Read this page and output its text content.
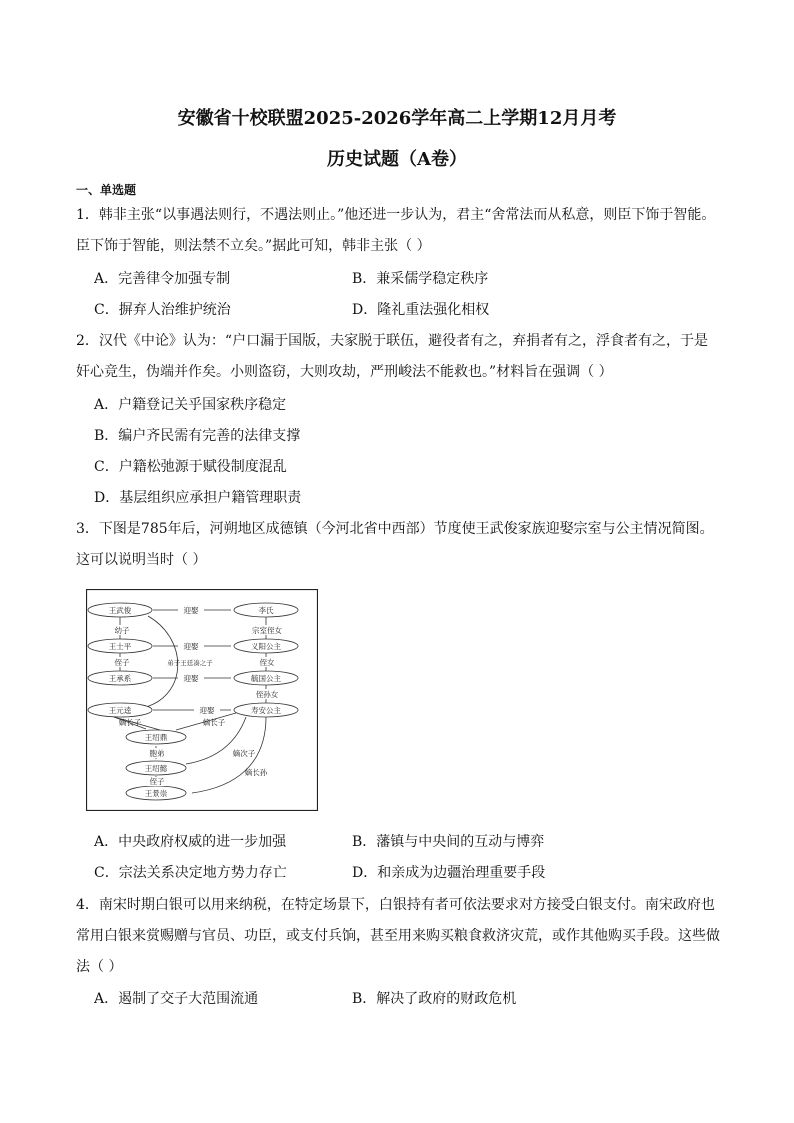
安徽省十校联盟2025-2026学年高二上学期12月月考
历史试题（A卷）
一、单选题
1．韩非主张“以事遇法则行，不遇法则止。”他还进一步认为，君主“舍常法而从私意，则臣下饰于智能。臣下饰于智能，则法禁不立矣。”据此可知，韩非主张（ ）
A．完善律令加强专制	B．兼采儒学稳定秩序
C．摒弃人治维护统治	D．隆礼重法强化相权
2．汉代《中论》认为：“户口漏于国版，夫家脱于联伍，避役者有之，弃捐者有之，浮食者有之，于是奸心竞生，伪端并作矣。小则盗窃，大则攻劫，严刑峻法不能救也。”材料旨在强调（ ）
A．户籍登记关乎国家秩序稳定
B．编户齐民需有完善的法律支撑
C．户籍松弛源于赋役制度混乱
D．基层组织应承担户籍管理职责
3．下图是785年后，河朔地区成德镇（今河北省中西部）节度使王武俊家族迎娶宗室与公主情况简图。这可以说明当时（ ）
王武俊
王士平
王承系
王元逵
王绍鼎
王绍懿
王景崇
李氏
义阳公主
毓国公主
寿安公主
迎娶
迎娶
迎娶
迎娶
幼子
侄子
宗室侄女
侄女
侄孙女
嫡长子	嫡长子
胞弟
侄子
嫡次子
嫡长孙
弟子王廷凑之子
A．中央政府权威的进一步加强	B．藩镇与中央间的互动与博弈
C．宗法关系决定地方势力存亡	D．和亲成为边疆治理重要手段
4．南宋时期白银可以用来纳税，在特定场景下，白银持有者可依法要求对方接受白银支付。南宋政府也常用白银来赏赐赠与官员、功臣，或支付兵饷，甚至用来购买粮食救济灾荒，或作其他购买手段。这些做法（ ）
A．遏制了交子大范围流通	B．解决了政府的财政危机
